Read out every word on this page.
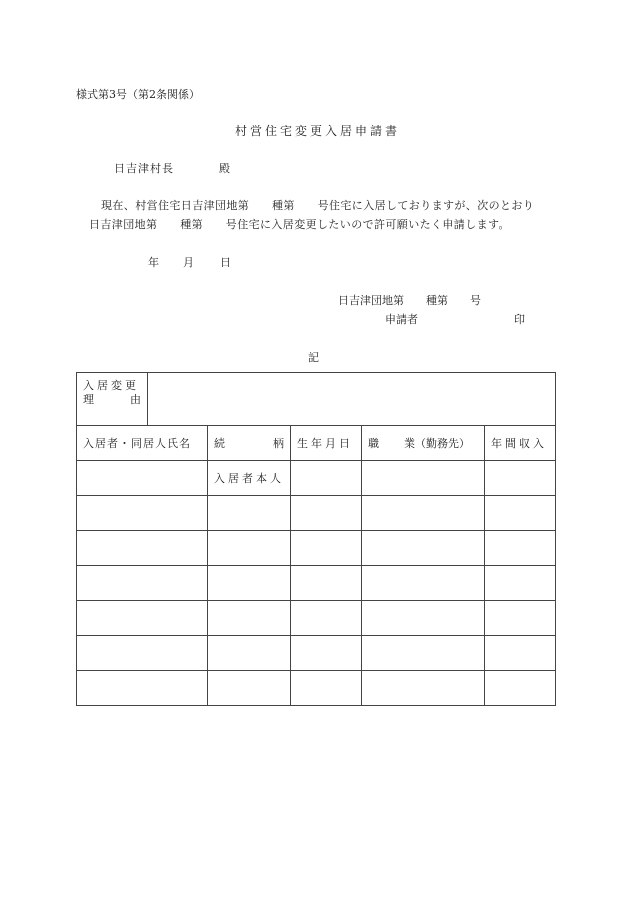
様式第3号（第2条関係）
村営住宅変更入居申請書
日吉津村長	殿
現在、村営住宅日吉津団地第　　種第　　号住宅に入居しておりますが、次のとおり
日吉津団地第　　種第　　号住宅に入居変更したいので許可願いたく申請します。
年 月 日
日吉津団地第　　種第　　号
申請者	印
記
入居変更
理 由				

入居者・同居人氏名	続 柄	生年月日	職 業（勤務先）	年間収入
	入居者本人			
